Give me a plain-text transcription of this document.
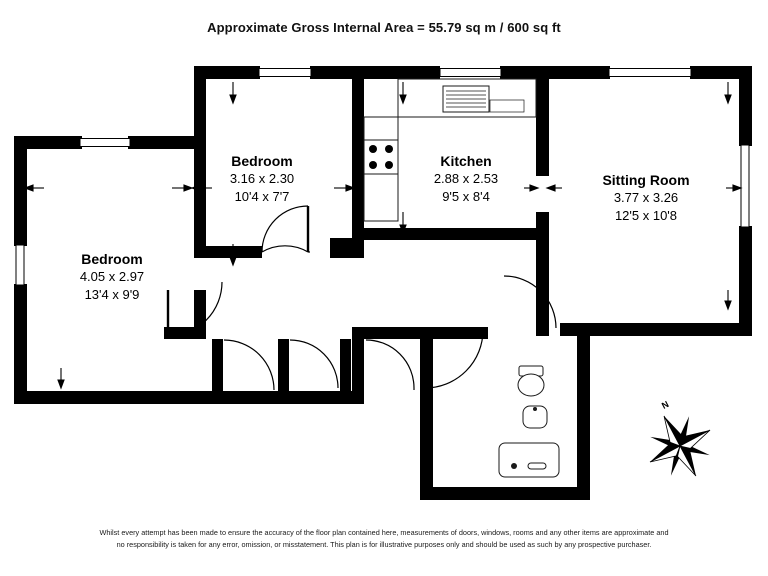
Approximate Gross Internal Area = 55.79 sq m / 600 sq ft
Bedroom
3.16 x 2.30
10'4 x 7'7
Kitchen
2.88 x 2.53
9'5 x 8'4
Sitting Room
3.77 x 3.26
12'5 x 10'8
Bedroom
4.05 x 2.97
13'4 x 9'9
N
Whilst every attempt has been made to ensure the accuracy of the floor plan contained here, measurements of doors, windows, rooms and any other items are approximate and
no responsibility is taken for any error, omission, or misstatement. This plan is for illustrative purposes only and should be used as such by any prospective purchaser.
